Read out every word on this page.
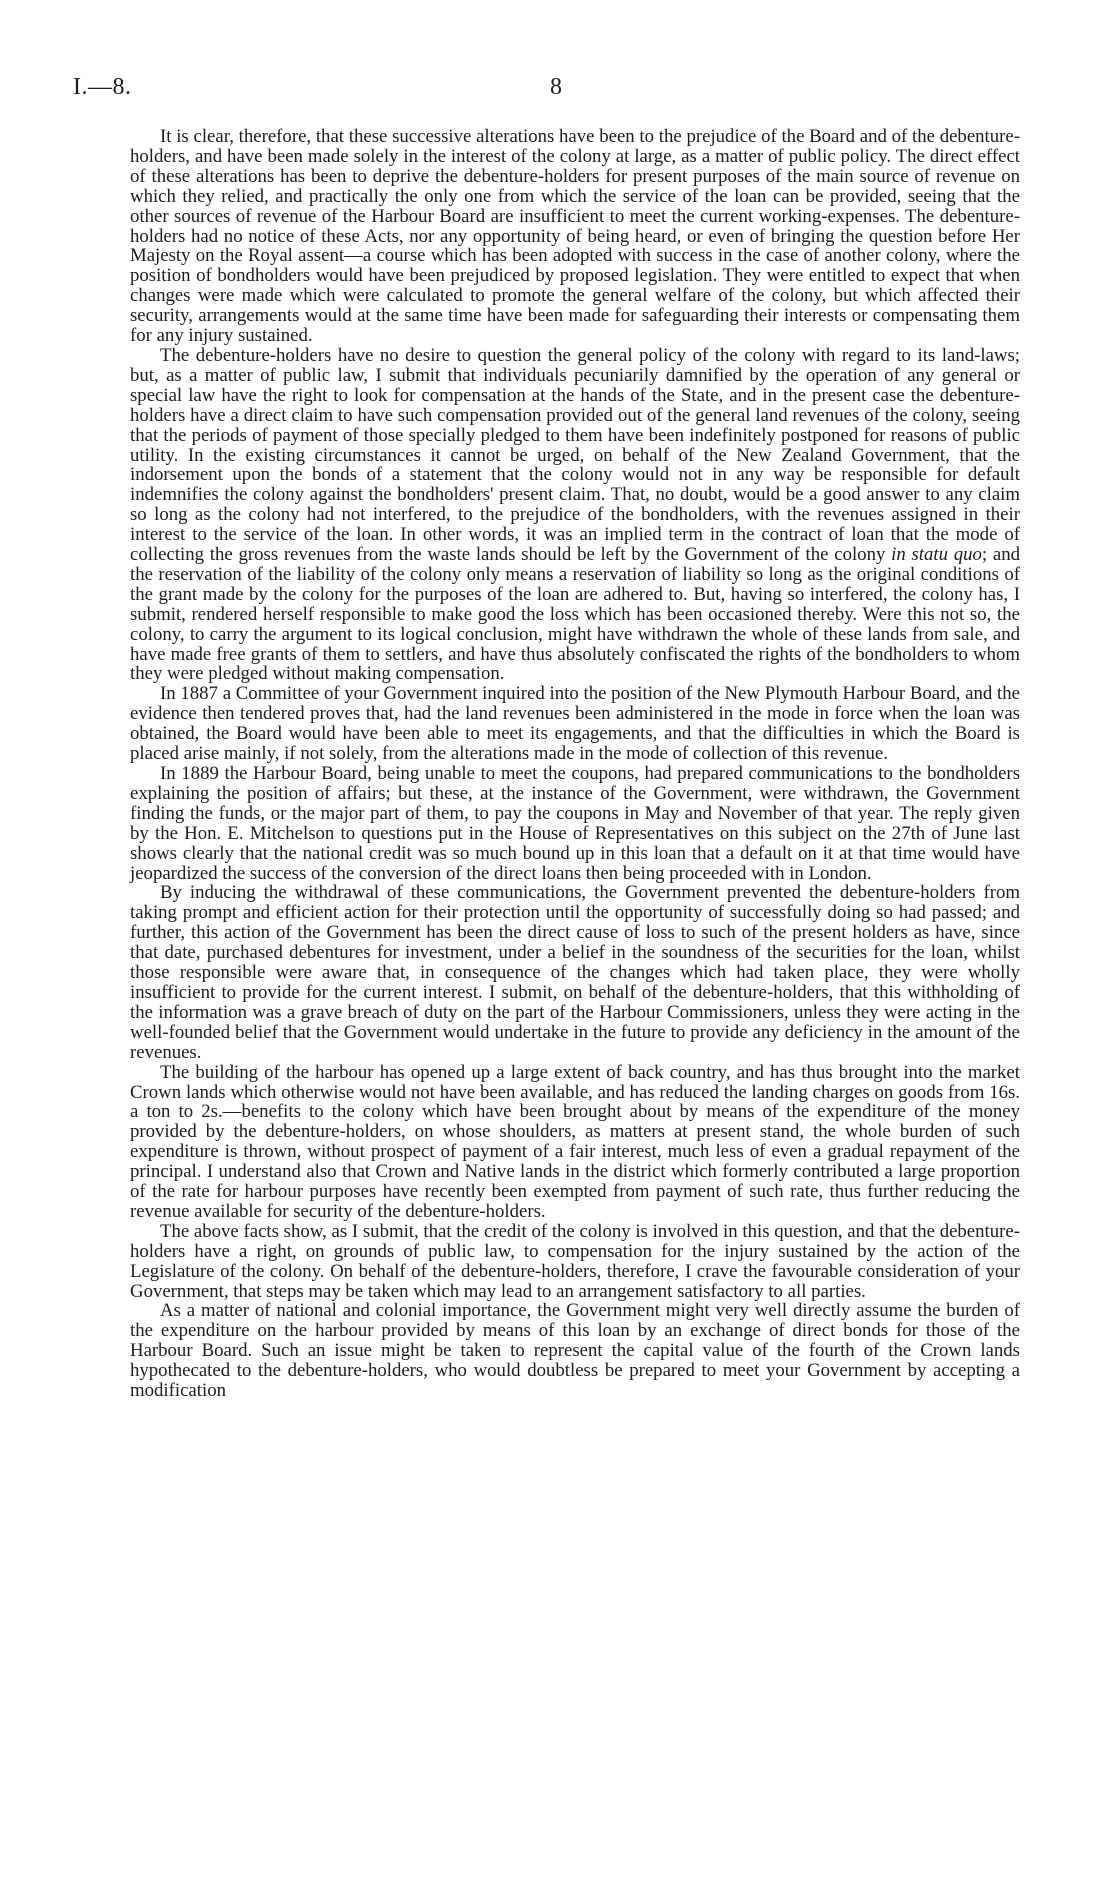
I.—8.	8

It is clear, therefore, that these successive alterations have been to the prejudice of the Board and of the debenture-holders, and have been made solely in the interest of the colony at large, as a matter of public policy. The direct effect of these alterations has been to deprive the debenture-holders for present purposes of the main source of revenue on which they relied, and practically the only one from which the service of the loan can be provided, seeing that the other sources of revenue of the Harbour Board are insufficient to meet the current working-expenses. The debenture-holders had no notice of these Acts, nor any opportunity of being heard, or even of bringing the question before Her Majesty on the Royal assent—a course which has been adopted with success in the case of another colony, where the position of bondholders would have been prejudiced by proposed legislation. They were entitled to expect that when changes were made which were calculated to promote the general welfare of the colony, but which affected their security, arrangements would at the same time have been made for safeguarding their interests or compensating them for any injury sustained.

The debenture-holders have no desire to question the general policy of the colony with regard to its land-laws; but, as a matter of public law, I submit that individuals pecuniarily damnified by the operation of any general or special law have the right to look for compensation at the hands of the State, and in the present case the debenture-holders have a direct claim to have such compensation provided out of the general land revenues of the colony, seeing that the periods of payment of those specially pledged to them have been indefinitely postponed for reasons of public utility. In the existing circumstances it cannot be urged, on behalf of the New Zealand Government, that the indorsement upon the bonds of a statement that the colony would not in any way be responsible for default indemnifies the colony against the bondholders' present claim. That, no doubt, would be a good answer to any claim so long as the colony had not interfered, to the prejudice of the bondholders, with the revenues assigned in their interest to the service of the loan. In other words, it was an implied term in the contract of loan that the mode of collecting the gross revenues from the waste lands should be left by the Government of the colony in statu quo; and the reservation of the liability of the colony only means a reservation of liability so long as the original conditions of the grant made by the colony for the purposes of the loan are adhered to. But, having so interfered, the colony has, I submit, rendered herself responsible to make good the loss which has been occasioned thereby. Were this not so, the colony, to carry the argument to its logical conclusion, might have withdrawn the whole of these lands from sale, and have made free grants of them to settlers, and have thus absolutely confiscated the rights of the bondholders to whom they were pledged without making compensation.

In 1887 a Committee of your Government inquired into the position of the New Plymouth Harbour Board, and the evidence then tendered proves that, had the land revenues been administered in the mode in force when the loan was obtained, the Board would have been able to meet its engagements, and that the difficulties in which the Board is placed arise mainly, if not solely, from the alterations made in the mode of collection of this revenue.

In 1889 the Harbour Board, being unable to meet the coupons, had prepared communications to the bondholders explaining the position of affairs; but these, at the instance of the Government, were withdrawn, the Government finding the funds, or the major part of them, to pay the coupons in May and November of that year. The reply given by the Hon. E. Mitchelson to questions put in the House of Representatives on this subject on the 27th of June last shows clearly that the national credit was so much bound up in this loan that a default on it at that time would have jeopardized the success of the conversion of the direct loans then being proceeded with in London.

By inducing the withdrawal of these communications, the Government prevented the debenture-holders from taking prompt and efficient action for their protection until the opportunity of successfully doing so had passed; and further, this action of the Government has been the direct cause of loss to such of the present holders as have, since that date, purchased debentures for investment, under a belief in the soundness of the securities for the loan, whilst those responsible were aware that, in consequence of the changes which had taken place, they were wholly insufficient to provide for the current interest. I submit, on behalf of the debenture-holders, that this withholding of the information was a grave breach of duty on the part of the Harbour Commissioners, unless they were acting in the well-founded belief that the Government would undertake in the future to provide any deficiency in the amount of the revenues.

The building of the harbour has opened up a large extent of back country, and has thus brought into the market Crown lands which otherwise would not have been available, and has reduced the landing charges on goods from 16s. a ton to 2s.—benefits to the colony which have been brought about by means of the expenditure of the money provided by the debenture-holders, on whose shoulders, as matters at present stand, the whole burden of such expenditure is thrown, without prospect of payment of a fair interest, much less of even a gradual repayment of the principal. I understand also that Crown and Native lands in the district which formerly contributed a large proportion of the rate for harbour purposes have recently been exempted from payment of such rate, thus further reducing the revenue available for security of the debenture-holders.

The above facts show, as I submit, that the credit of the colony is involved in this question, and that the debenture-holders have a right, on grounds of public law, to compensation for the injury sustained by the action of the Legislature of the colony. On behalf of the debenture-holders, therefore, I crave the favourable consideration of your Government, that steps may be taken which may lead to an arrangement satisfactory to all parties.

As a matter of national and colonial importance, the Government might very well directly assume the burden of the expenditure on the harbour provided by means of this loan by an exchange of direct bonds for those of the Harbour Board. Such an issue might be taken to represent the capital value of the fourth of the Crown lands hypothecated to the debenture-holders, who would doubtless be prepared to meet your Government by accepting a modification
